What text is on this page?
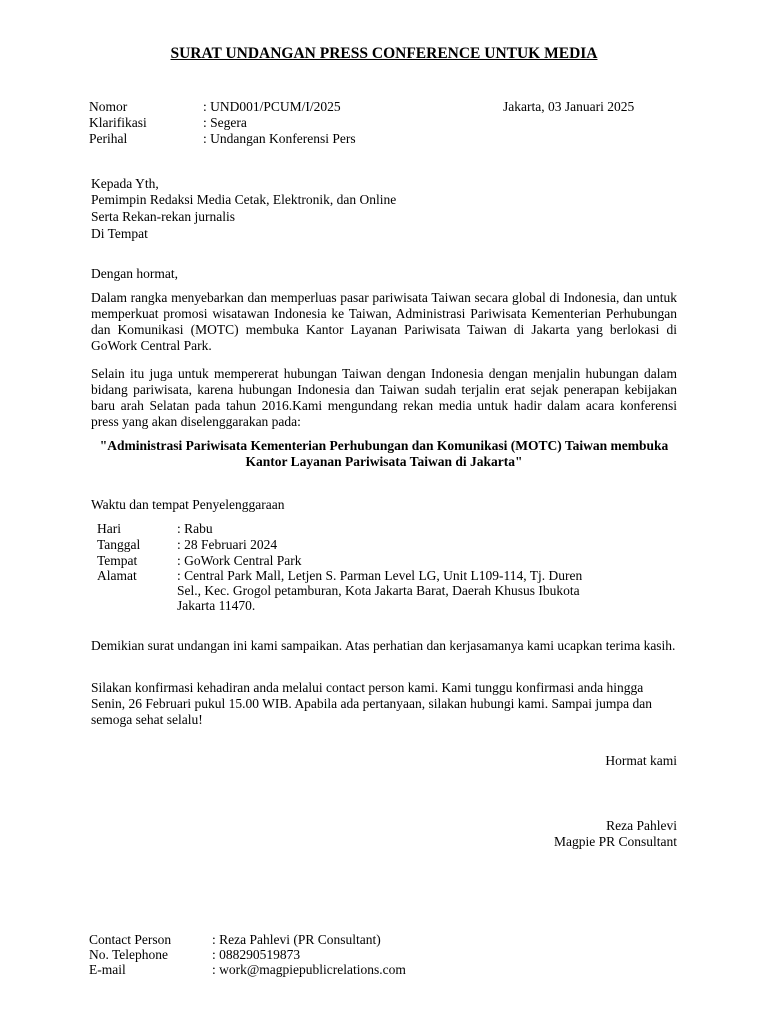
SURAT UNDANGAN PRESS CONFERENCE UNTUK MEDIA
Nomor	: UND001/PCUM/I/2025
Klarifikasi	: Segera
Perihal	: Undangan Konferensi Pers
Jakarta, 03 Januari 2025
Kepada Yth,
Pemimpin Redaksi Media Cetak, Elektronik, dan Online
Serta Rekan-rekan jurnalis
Di Tempat
Dengan hormat,

Dalam rangka menyebarkan dan memperluas pasar pariwisata Taiwan secara global di Indonesia, dan untuk memperkuat promosi wisatawan Indonesia ke Taiwan, Administrasi Pariwisata Kementerian Perhubungan dan Komunikasi (MOTC) membuka Kantor Layanan Pariwisata Taiwan di Jakarta yang berlokasi di GoWork Central Park.

Selain itu juga untuk mempererat hubungan Taiwan dengan Indonesia dengan menjalin hubungan dalam bidang pariwisata, karena hubungan Indonesia dan Taiwan sudah terjalin erat sejak penerapan kebijakan baru arah Selatan pada tahun 2016.Kami mengundang rekan media untuk hadir dalam acara konferensi press yang akan diselenggarakan pada:

"Administrasi Pariwisata Kementerian Perhubungan dan Komunikasi (MOTC) Taiwan membuka Kantor Layanan Pariwisata Taiwan di Jakarta"
Waktu dan tempat Penyelenggaraan
Hari	: Rabu
Tanggal	: 28 Februari 2024
Tempat	: GoWork Central Park
Alamat	: Central Park Mall, Letjen S. Parman Level LG, Unit L109-114, Tj. Duren
Sel., Kec. Grogol petamburan, Kota Jakarta Barat, Daerah Khusus Ibukota
Jakarta 11470.

Demikian surat undangan ini kami sampaikan. Atas perhatian dan kerjasamanya kami ucapkan terima kasih.

Silakan konfirmasi kehadiran anda melalui contact person kami. Kami tunggu konfirmasi anda hingga Senin, 26 Februari pukul 15.00 WIB. Apabila ada pertanyaan, silakan hubungi kami. Sampai jumpa dan semoga sehat selalu!

Hormat kami
Reza Pahlevi
Magpie PR Consultant
Contact Person	: Reza Pahlevi (PR Consultant)
No. Telephone	: 088290519873
E-mail	: work@magpiepublicrelations.com
